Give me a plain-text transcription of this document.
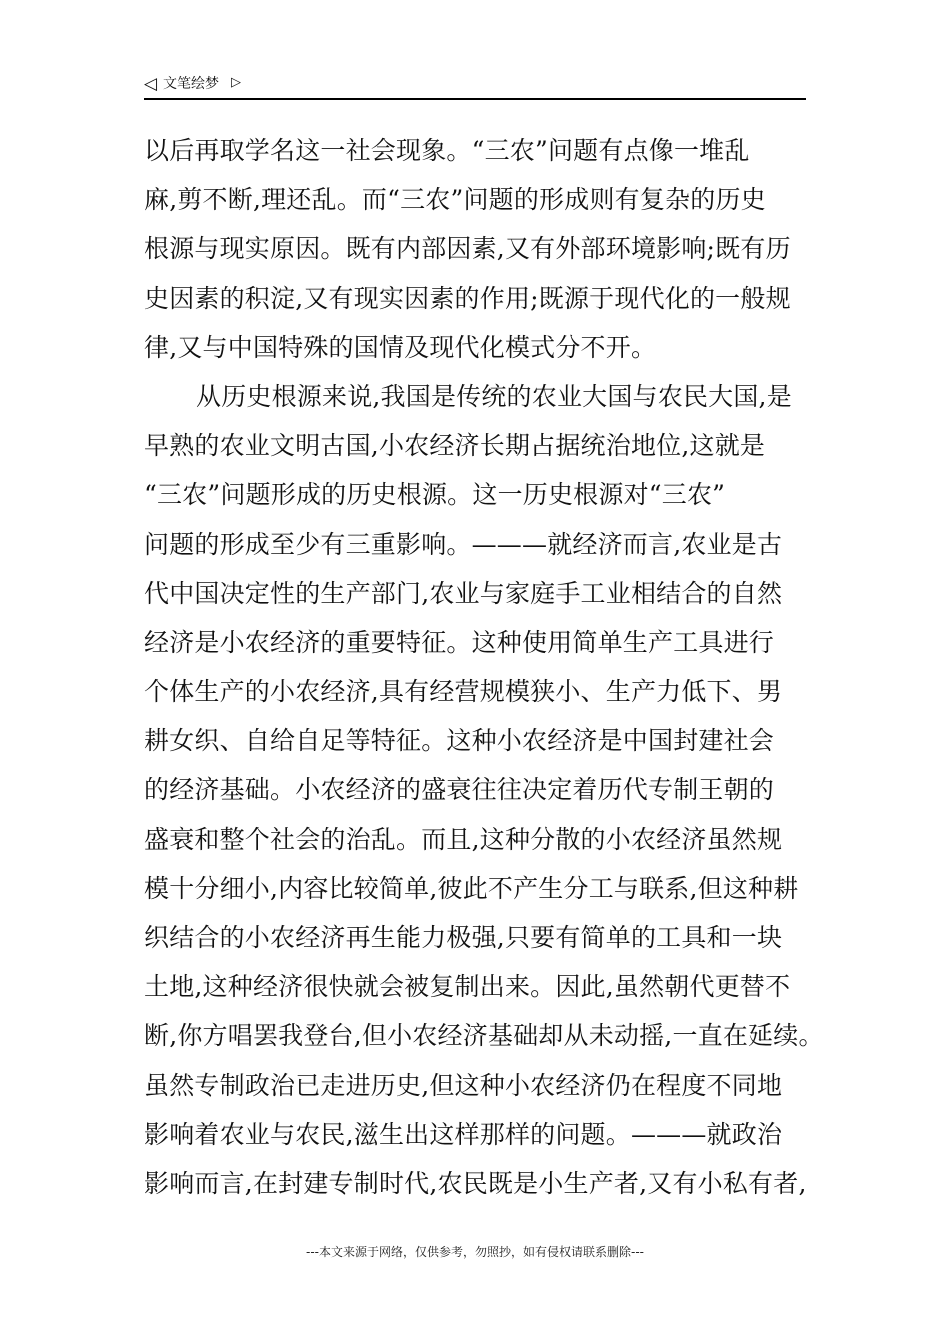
◁ 文笔绘梦 ▷
以后再取学名这一社会现象。“三农”问题有点像一堆乱
麻,剪不断,理还乱。而“三农”问题的形成则有复杂的历史
根源与现实原因。既有内部因素,又有外部环境影响;既有历
史因素的积淀,又有现实因素的作用;既源于现代化的一般规
律,又与中国特殊的国情及现代化模式分不开。
从历史根源来说,我国是传统的农业大国与农民大国,是
早熟的农业文明古国,小农经济长期占据统治地位,这就是
“三农”问题形成的历史根源。这一历史根源对“三农”
问题的形成至少有三重影响。———就经济而言,农业是古
代中国决定性的生产部门,农业与家庭手工业相结合的自然
经济是小农经济的重要特征。这种使用简单生产工具进行
个体生产的小农经济,具有经营规模狭小、生产力低下、男
耕女织、自给自足等特征。这种小农经济是中国封建社会
的经济基础。小农经济的盛衰往往决定着历代专制王朝的
盛衰和整个社会的治乱。而且,这种分散的小农经济虽然规
模十分细小,内容比较简单,彼此不产生分工与联系,但这种耕
织结合的小农经济再生能力极强,只要有简单的工具和一块
土地,这种经济很快就会被复制出来。因此,虽然朝代更替不
断,你方唱罢我登台,但小农经济基础却从未动摇,一直在延续。
虽然专制政治已走进历史,但这种小农经济仍在程度不同地
影响着农业与农民,滋生出这样那样的问题。———就政治
影响而言,在封建专制时代,农民既是小生产者,又有小私有者,
---本文来源于网络，仅供参考，勿照抄，如有侵权请联系删除---
